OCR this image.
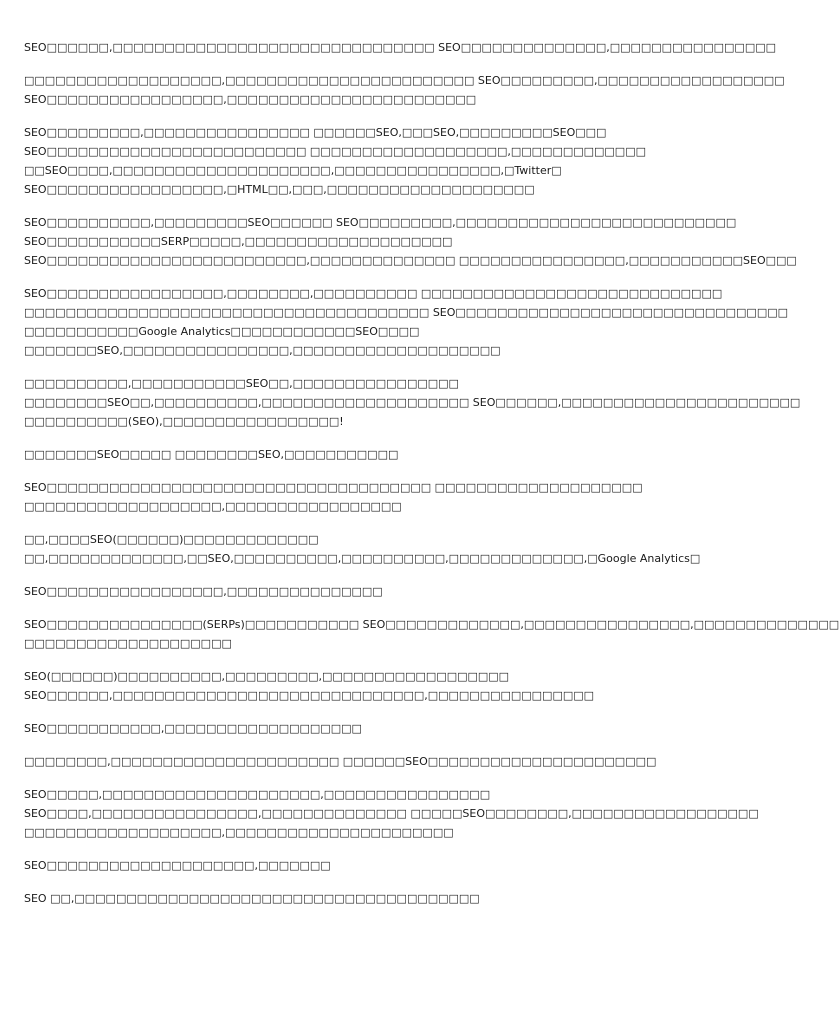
SEO□□□□□□,□□□□□□□□□□□□□□□□□□□□□□□□□□□□□□□ SEO□□□□□□□□□□□□□□,□□□□□□□□□□□□□□□□
□□□□□□□□□□□□□□□□□□□,□□□□□□□□□□□□□□□□□□□□□□□□ SEO□□□□□□□□□,□□□□□□□□□□□□□□□□□□
SEO□□□□□□□□□□□□□□□□□,□□□□□□□□□□□□□□□□□□□□□□□□
SEO□□□□□□□□□,□□□□□□□□□□□□□□□□ □□□□□□SEO,□□□SEO,□□□□□□□□□SEO□□□
SEO□□□□□□□□□□□□□□□□□□□□□□□□□ □□□□□□□□□□□□□□□□□□□,□□□□□□□□□□□□□
□□SEO□□□□,□□□□□□□□□□□□□□□□□□□□□,□□□□□□□□□□□□□□□□,□Twitter□
SEO□□□□□□□□□□□□□□□□□,□HTML□□,□□□,□□□□□□□□□□□□□□□□□□□□
SEO□□□□□□□□□□,□□□□□□□□□SEO□□□□□□ SEO□□□□□□□□□,□□□□□□□□□□□□□□□□□□□□□□□□□□□
SEO□□□□□□□□□□□SERP□□□□□,□□□□□□□□□□□□□□□□□□□□
SEO□□□□□□□□□□□□□□□□□□□□□□□□□,□□□□□□□□□□□□□□ □□□□□□□□□□□□□□□□,□□□□□□□□□□□SEO□□□
SEO□□□□□□□□□□□□□□□□□,□□□□□□□□,□□□□□□□□□□ □□□□□□□□□□□□□□□□□□□□□□□□□□□□□
□□□□□□□□□□□□□□□□□□□□□□□□□□□□□□□□□□□□□□□ SEO□□□□□□□□□□□□□□□□□□□□□□□□□□□□□□□□
□□□□□□□□□□□Google Analytics□□□□□□□□□□□□SEO□□□□
□□□□□□□SEO,□□□□□□□□□□□□□□□□,□□□□□□□□□□□□□□□□□□□□
□□□□□□□□□□,□□□□□□□□□□□SEO□□,□□□□□□□□□□□□□□□□
□□□□□□□□SEO□□,□□□□□□□□□□,□□□□□□□□□□□□□□□□□□□□ SEO□□□□□□,□□□□□□□□□□□□□□□□□□□□□□□
□□□□□□□□□□(SEO),□□□□□□□□□□□□□□□□□!
□□□□□□□SEO□□□□□ □□□□□□□□SEO,□□□□□□□□□□□
SEO□□□□□□□□□□□□□□□□□□□□□□□□□□□□□□□□□□□□□ □□□□□□□□□□□□□□□□□□□□
□□□□□□□□□□□□□□□□□□□,□□□□□□□□□□□□□□□□□
□□,□□□□SEO(□□□□□□)□□□□□□□□□□□□□
□□,□□□□□□□□□□□□□,□□SEO,□□□□□□□□□□,□□□□□□□□□□,□□□□□□□□□□□□□,□Google Analytics□
SEO□□□□□□□□□□□□□□□□□,□□□□□□□□□□□□□□□
SEO□□□□□□□□□□□□□□□(SERPs)□□□□□□□□□□□ SEO□□□□□□□□□□□□□,□□□□□□□□□□□□□□□□,□□□□□□□□□□□□□□
□□□□□□□□□□□□□□□□□□□□
SEO(□□□□□□)□□□□□□□□□□,□□□□□□□□□,□□□□□□□□□□□□□□□□□□
SEO□□□□□□,□□□□□□□□□□□□□□□□□□□□□□□□□□□□□□,□□□□□□□□□□□□□□□□
SEO□□□□□□□□□□□,□□□□□□□□□□□□□□□□□□□
□□□□□□□□,□□□□□□□□□□□□□□□□□□□□□□ □□□□□□SEO□□□□□□□□□□□□□□□□□□□□□□
SEO□□□□□,□□□□□□□□□□□□□□□□□□□□□,□□□□□□□□□□□□□□□□
SEO□□□□,□□□□□□□□□□□□□□□□,□□□□□□□□□□□□□□ □□□□□SEO□□□□□□□□,□□□□□□□□□□□□□□□□□□
□□□□□□□□□□□□□□□□□□□,□□□□□□□□□□□□□□□□□□□□□□
SEO□□□□□□□□□□□□□□□□□□□□,□□□□□□□
SEO □□,□□□□□□□□□□□□□□□□□□□□□□□□□□□□□□□□□□□□□□□
